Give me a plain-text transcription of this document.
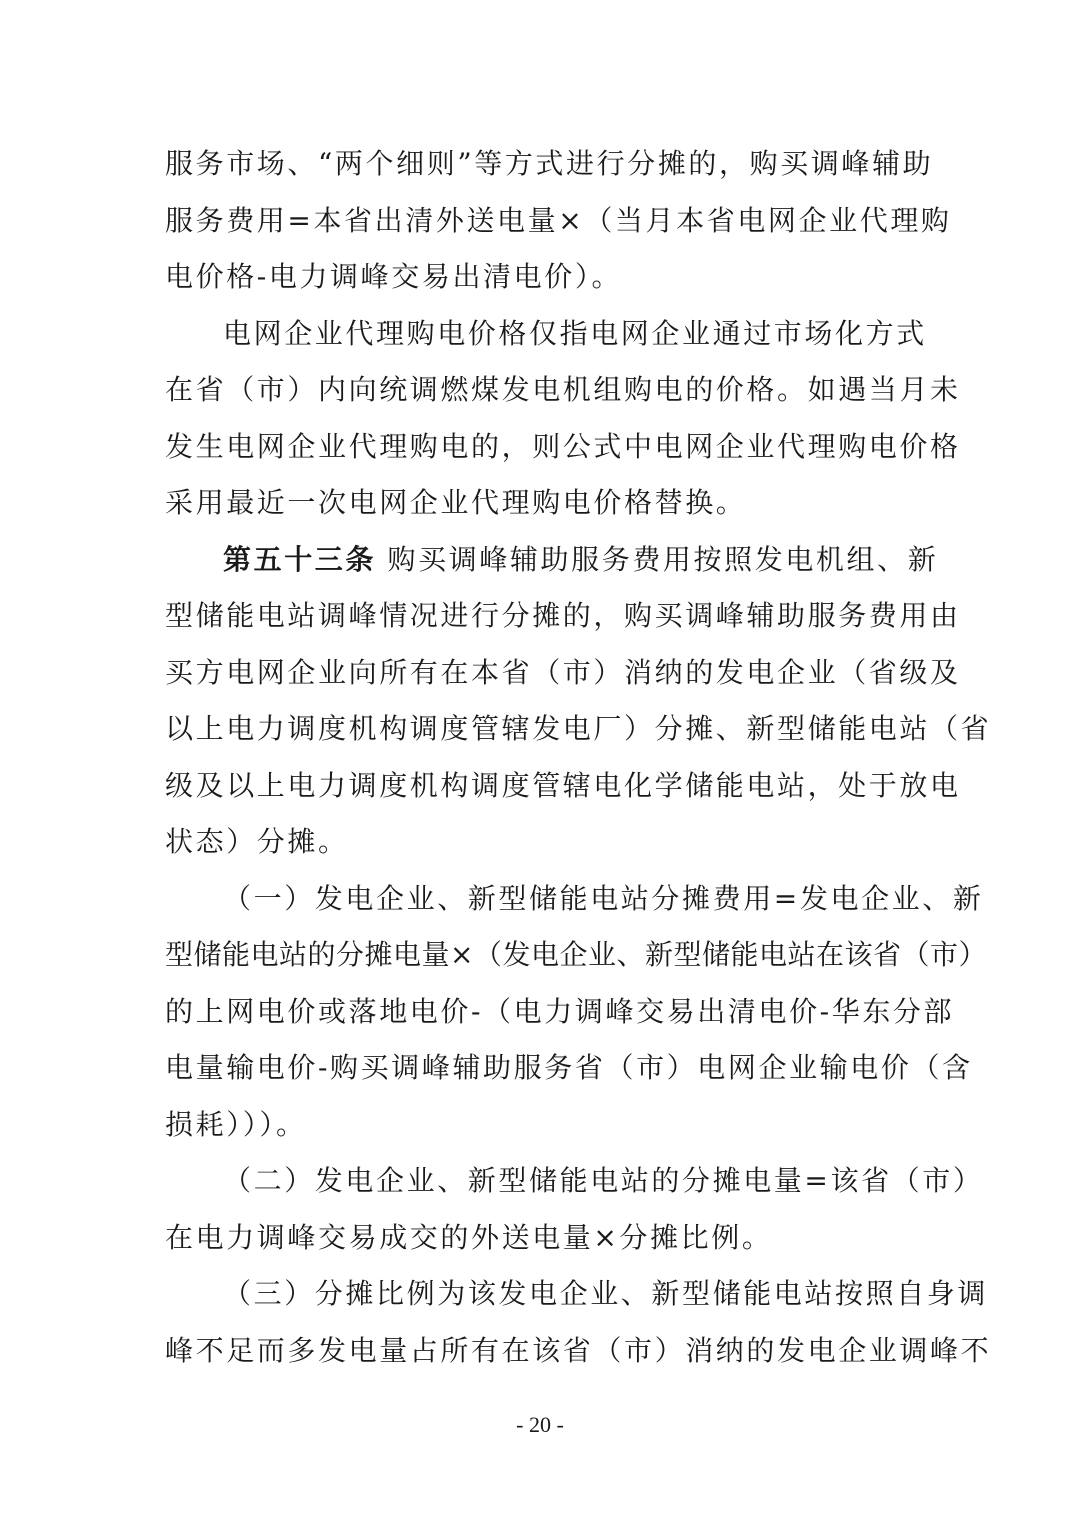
服务市场、“两个细则”等方式进行分摊的，购买调峰辅助
服务费用=本省出清外送电量×（当月本省电网企业代理购
电价格-电力调峰交易出清电价）。
电网企业代理购电价格仅指电网企业通过市场化方式
在省（市）内向统调燃煤发电机组购电的价格。如遇当月未
发生电网企业代理购电的，则公式中电网企业代理购电价格
采用最近一次电网企业代理购电价格替换。
第五十三条 购买调峰辅助服务费用按照发电机组、新
型储能电站调峰情况进行分摊的，购买调峰辅助服务费用由
买方电网企业向所有在本省（市）消纳的发电企业（省级及
以上电力调度机构调度管辖发电厂）分摊、新型储能电站（省
级及以上电力调度机构调度管辖电化学储能电站，处于放电
状态）分摊。
（一）发电企业、新型储能电站分摊费用=发电企业、新
型储能电站的分摊电量×（发电企业、新型储能电站在该省（市）
的上网电价或落地电价-（电力调峰交易出清电价-华东分部
电量输电价-购买调峰辅助服务省（市）电网企业输电价（含
损耗）））。
（二）发电企业、新型储能电站的分摊电量=该省（市）
在电力调峰交易成交的外送电量×分摊比例。
（三）分摊比例为该发电企业、新型储能电站按照自身调
峰不足而多发电量占所有在该省（市）消纳的发电企业调峰不
- 20 -
